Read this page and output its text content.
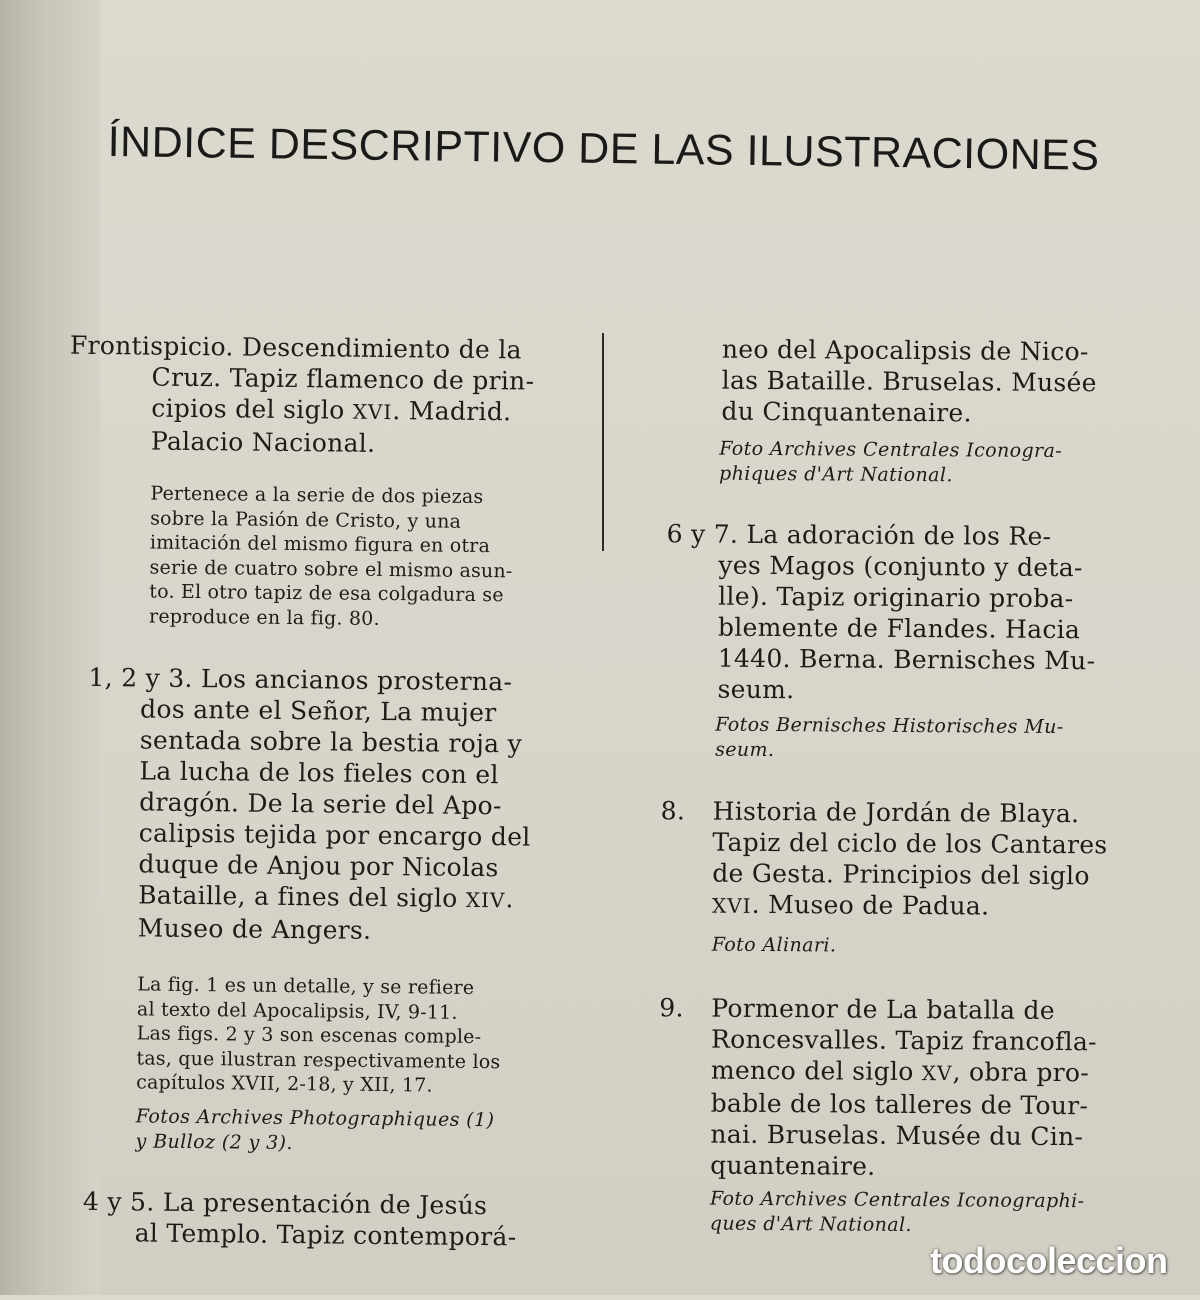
ÍNDICE DESCRIPTIVO DE LAS ILUSTRACIONES
Frontispicio. Descendimiento de la
Cruz. Tapiz flamenco de prin-
cipios del siglo XVI. Madrid.
Palacio Nacional.
Pertenece a la serie de dos piezas
sobre la Pasión de Cristo, y una
imitación del mismo figura en otra
serie de cuatro sobre el mismo asun-
to. El otro tapiz de esa colgadura se
reproduce en la fig. 80.
1, 2 y 3. Los ancianos prosterna-
dos ante el Señor, La mujer
sentada sobre la bestia roja y
La lucha de los fieles con el
dragón. De la serie del Apo-
calipsis tejida por encargo del
duque de Anjou por Nicolas
Bataille, a fines del siglo XIV.
Museo de Angers.
La fig. 1 es un detalle, y se refiere
al texto del Apocalipsis, IV, 9-11.
Las figs. 2 y 3 son escenas comple-
tas, que ilustran respectivamente los
capítulos XVII, 2-18, y XII, 17.
Fotos Archives Photographiques (1)
y Bulloz (2 y 3).
4 y 5. La presentación de Jesús
al Templo. Tapiz contemporá-
neo del Apocalipsis de Nico-
las Bataille. Bruselas. Musée
du Cinquantenaire.
Foto Archives Centrales Iconogra-
phiques d'Art National.
6 y 7. La adoración de los Re-
yes Magos (conjunto y deta-
lle). Tapiz originario proba-
blemente de Flandes. Hacia
1440. Berna. Bernisches Mu-
seum.
Fotos Bernisches Historisches Mu-
seum.
8. Historia de Jordán de Blaya.
Tapiz del ciclo de los Cantares
de Gesta. Principios del siglo
XVI. Museo de Padua.
Foto Alinari.
9. Pormenor de La batalla de
Roncesvalles. Tapiz francofla-
menco del siglo XV, obra pro-
bable de los talleres de Tour-
nai. Bruselas. Musée du Cin-
quantenaire.
Foto Archives Centrales Iconographi-
ques d'Art National.
todocoleccion
